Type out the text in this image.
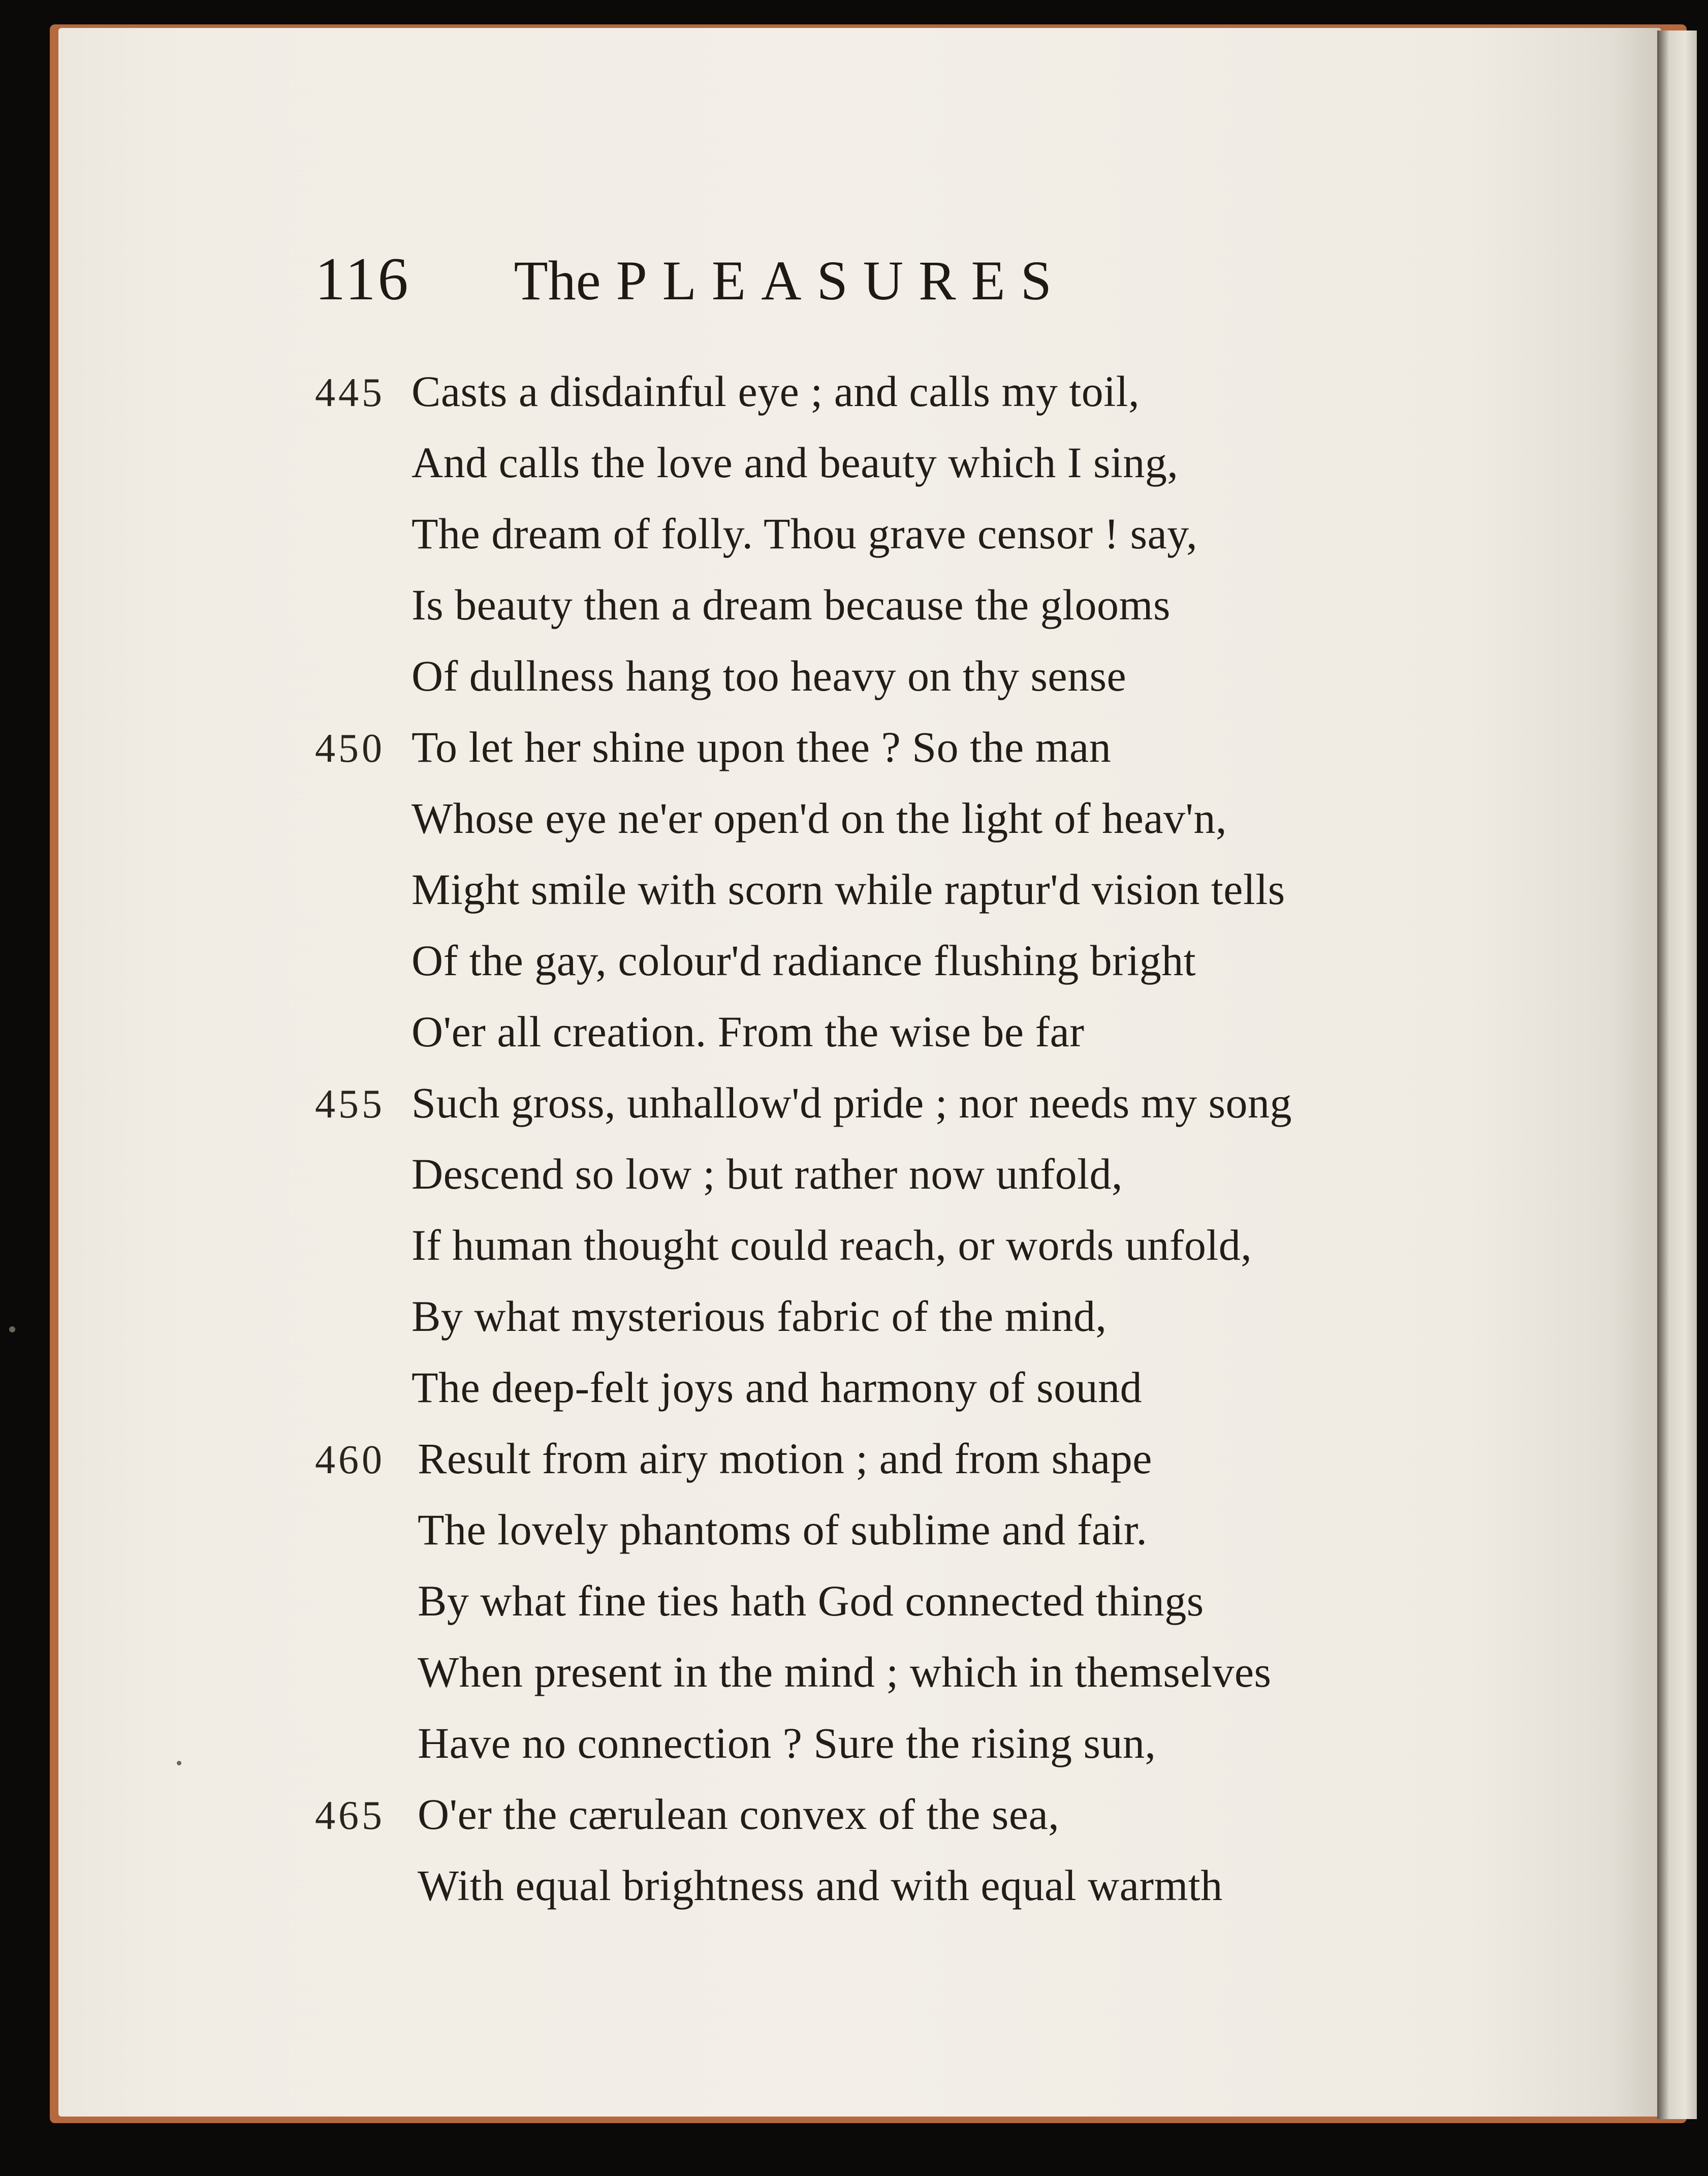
116 The PLEASURES
445 Casts a disdainful eye ; and calls my toil,
And calls the love and beauty which I sing,
The dream of folly. Thou grave censor ! say,
Is beauty then a dream because the glooms
Of dullness hang too heavy on thy sense
450 To let her shine upon thee ? So the man
Whose eye ne'er open'd on the light of heav'n,
Might smile with scorn while raptur'd vision tells
Of the gay, colour'd radiance flushing bright
O'er all creation. From the wise be far
455 Such gross, unhallow'd pride ; nor needs my song
Descend so low ; but rather now unfold,
If human thought could reach, or words unfold,
By what mysterious fabric of the mind,
The deep-felt joys and harmony of sound
460 Result from airy motion ; and from shape
The lovely phantoms of sublime and fair.
By what fine ties hath God connected things
When present in the mind ; which in themselves
Have no connection ? Sure the rising sun,
465 O'er the cærulean convex of the sea,
With equal brightness and with equal warmth
